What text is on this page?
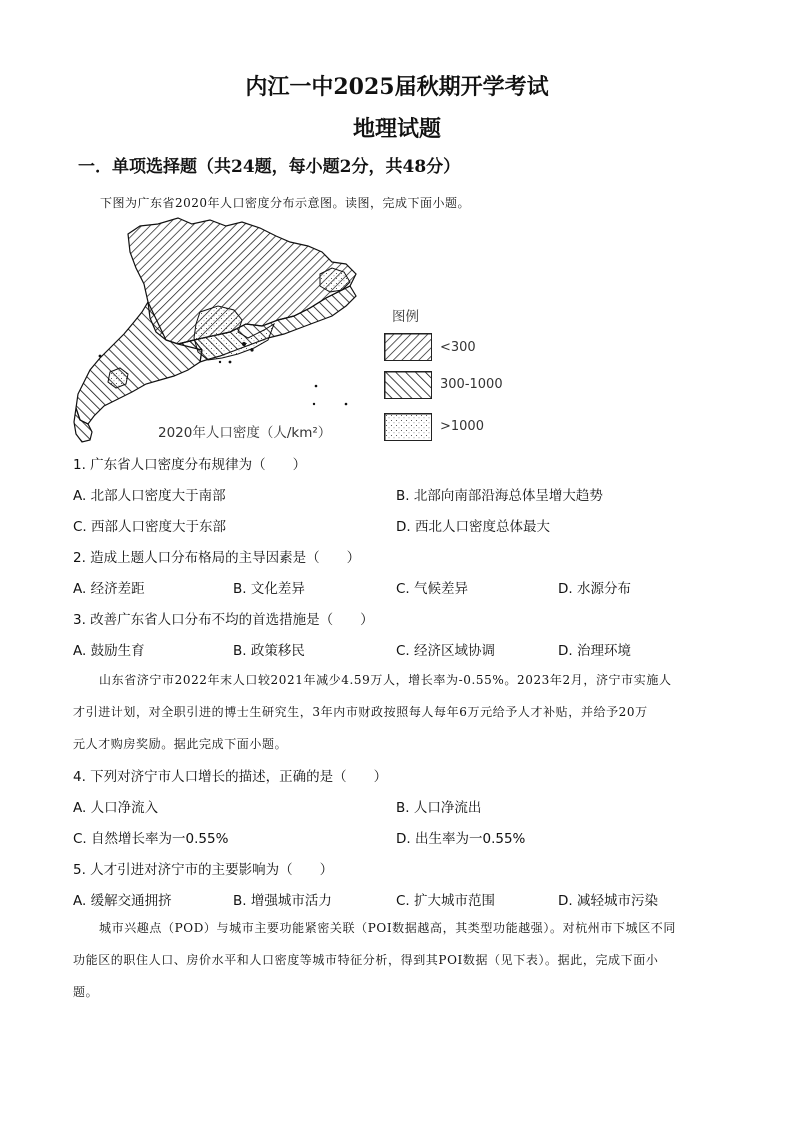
内江一中2025届秋期开学考试
地理试题
一．单项选择题（共24题，每小题2分，共48分）
下图为广东省2020年人口密度分布示意图。读图，完成下面小题。
2020年人口密度（人/km²）
图例
<300
300-1000
>1000
1. 广东省人口密度分布规律为（　　）
A. 北部人口密度大于南部	B. 北部向南部沿海总体呈增大趋势
C. 西部人口密度大于东部	D. 西北人口密度总体最大
2. 造成上题人口分布格局的主导因素是（　　）
A. 经济差距	B. 文化差异	C. 气候差异	D. 水源分布
3. 改善广东省人口分布不均的首选措施是（　　）
A. 鼓励生育	B. 政策移民	C. 经济区域协调	D. 治理环境
山东省济宁市2022年末人口较2021年减少4.59万人，增长率为-0.55%。2023年2月，济宁市实施人
才引进计划，对全职引进的博士生研究生，3年内市财政按照每人每年6万元给予人才补贴，并给予20万
元人才购房奖励。据此完成下面小题。
4. 下列对济宁市人口增长的描述，正确的是（　　）
A. 人口净流入	B. 人口净流出
C. 自然增长率为一0.55%	D. 出生率为一0.55%
5. 人才引进对济宁市的主要影响为（　　）
A. 缓解交通拥挤	B. 增强城市活力	C. 扩大城市范围	D. 减轻城市污染
城市兴趣点（POD）与城市主要功能紧密关联（POI数据越高，其类型功能越强）。对杭州市下城区不同
功能区的职住人口、房价水平和人口密度等城市特征分析，得到其POI数据（见下表）。据此，完成下面小
题。
